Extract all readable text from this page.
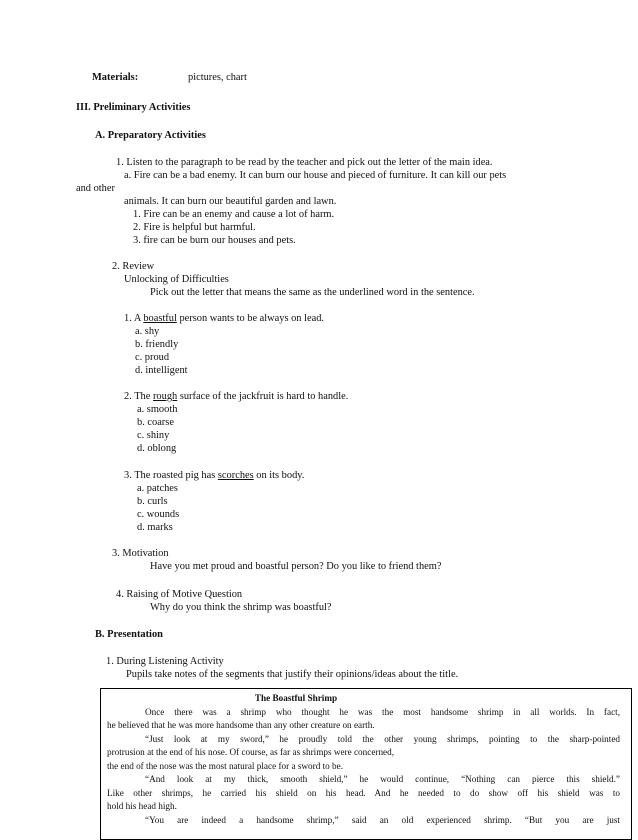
Materials:	pictures, chart
III. Preliminary Activities
A. Preparatory Activities
1. Listen to the paragraph to be read by the teacher and pick out the letter of the main idea.
a. Fire can be a bad enemy. It can burn our house and pieced of furniture. It can kill our pets
and other
animals. It can burn our beautiful garden and lawn.
1. Fire can be an enemy and cause a lot of harm.
2. Fire is helpful but harmful.
3. fire can be burn our houses and pets.
2. Review
Unlocking of Difficulties
Pick out the letter that means the same as the underlined word in the sentence.
1. A boastful person wants to be always on lead.
a. shy
b. friendly
c. proud
d. intelligent
2. The rough surface of the jackfruit is hard to handle.
a. smooth
b. coarse
c. shiny
d. oblong
3. The roasted pig has scorches on its body.
a. patches
b. curls
c. wounds
d. marks
3. Motivation
Have you met proud and boastful person? Do you like to friend them?
4. Raising of Motive Question
Why do you think the shrimp was boastful?
B. Presentation
1. During Listening Activity
Pupils take notes of the segments that justify their opinions/ideas about the title.
The Boastful Shrimp
Once there was a shrimp who thought he was the most handsome shrimp in all worlds. In fact,
he believed that he was more handsome than any other creature on earth.
“Just look at my sword,” he proudly told the other young shrimps, pointing to the sharp-pointed
protrusion at the end of his nose. Of course, as far as shrimps were concerned,
the end of the nose was the most natural place for a sword to be.
“And look at my thick, smooth shield,” he would continue, “Nothing can pierce this shield.”
Like other shrimps, he carried his shield on his head. And he needed to do show off his shield was to
hold his head high.
“You are indeed a handsome shrimp,” said an old experienced shrimp. “But you are just
